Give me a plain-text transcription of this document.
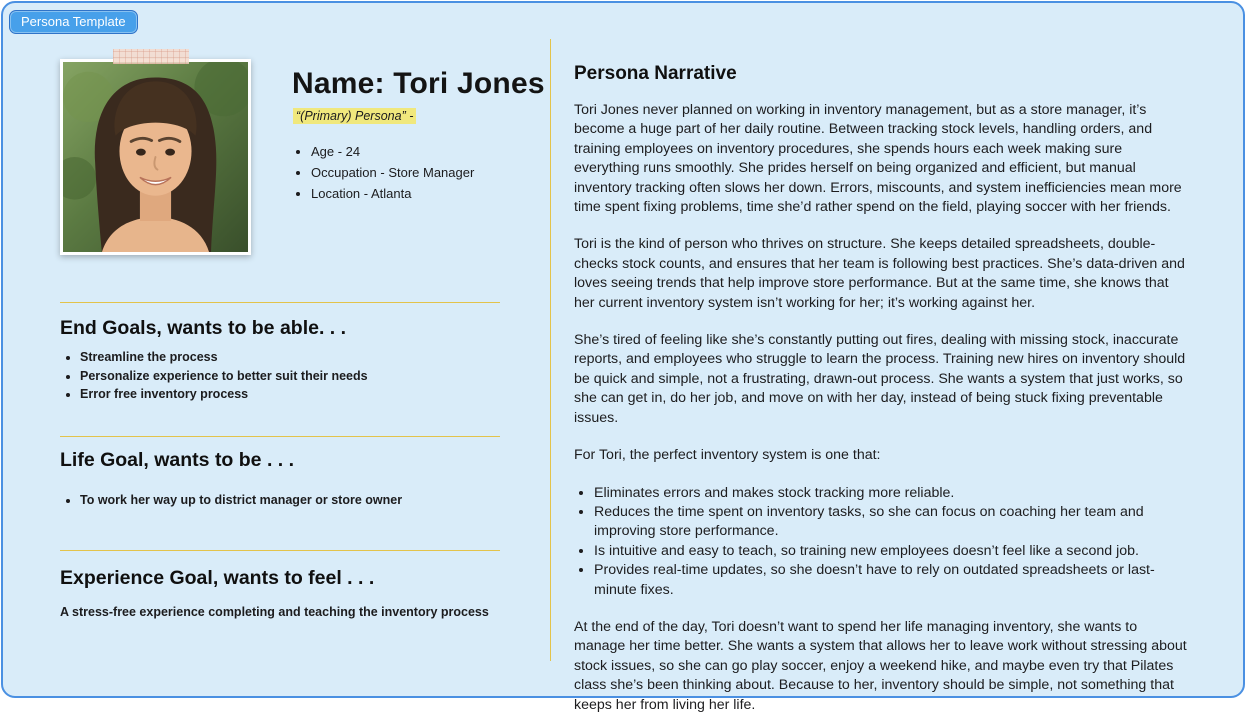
Persona Template
Name: Tori Jones
“(Primary) Persona” -
• Age - 24
• Occupation - Store Manager
• Location - Atlanta
End Goals, wants to be able. . .
• Streamline the process
• Personalize experience to better suit their needs
• Error free inventory process
Life Goal, wants to be . . .
• To work her way up to district manager or store owner
Experience Goal, wants to feel . . .
A stress-free experience completing and teaching the inventory process
Persona Narrative

Tori Jones never planned on working in inventory management, but as a store manager, it’s become a huge part of her daily routine. Between tracking stock levels, handling orders, and training employees on inventory procedures, she spends hours each week making sure everything runs smoothly. She prides herself on being organized and efficient, but manual inventory tracking often slows her down. Errors, miscounts, and system inefficiencies mean more time spent fixing problems, time she’d rather spend on the field, playing soccer with her friends.

Tori is the kind of person who thrives on structure. She keeps detailed spreadsheets, double-checks stock counts, and ensures that her team is following best practices. She’s data-driven and loves seeing trends that help improve store performance. But at the same time, she knows that her current inventory system isn’t working for her; it’s working against her.

She’s tired of feeling like she’s constantly putting out fires, dealing with missing stock, inaccurate reports, and employees who struggle to learn the process. Training new hires on inventory should be quick and simple, not a frustrating, drawn-out process. She wants a system that just works, so she can get in, do her job, and move on with her day, instead of being stuck fixing preventable issues.

For Tori, the perfect inventory system is one that:

• Eliminates errors and makes stock tracking more reliable.
• Reduces the time spent on inventory tasks, so she can focus on coaching her team and improving store performance.
• Is intuitive and easy to teach, so training new employees doesn’t feel like a second job.
• Provides real-time updates, so she doesn’t have to rely on outdated spreadsheets or last-minute fixes.

At the end of the day, Tori doesn’t want to spend her life managing inventory, she wants to manage her time better. She wants a system that allows her to leave work without stressing about stock issues, so she can go play soccer, enjoy a weekend hike, and maybe even try that Pilates class she’s been thinking about. Because to her, inventory should be simple, not something that keeps her from living her life.
